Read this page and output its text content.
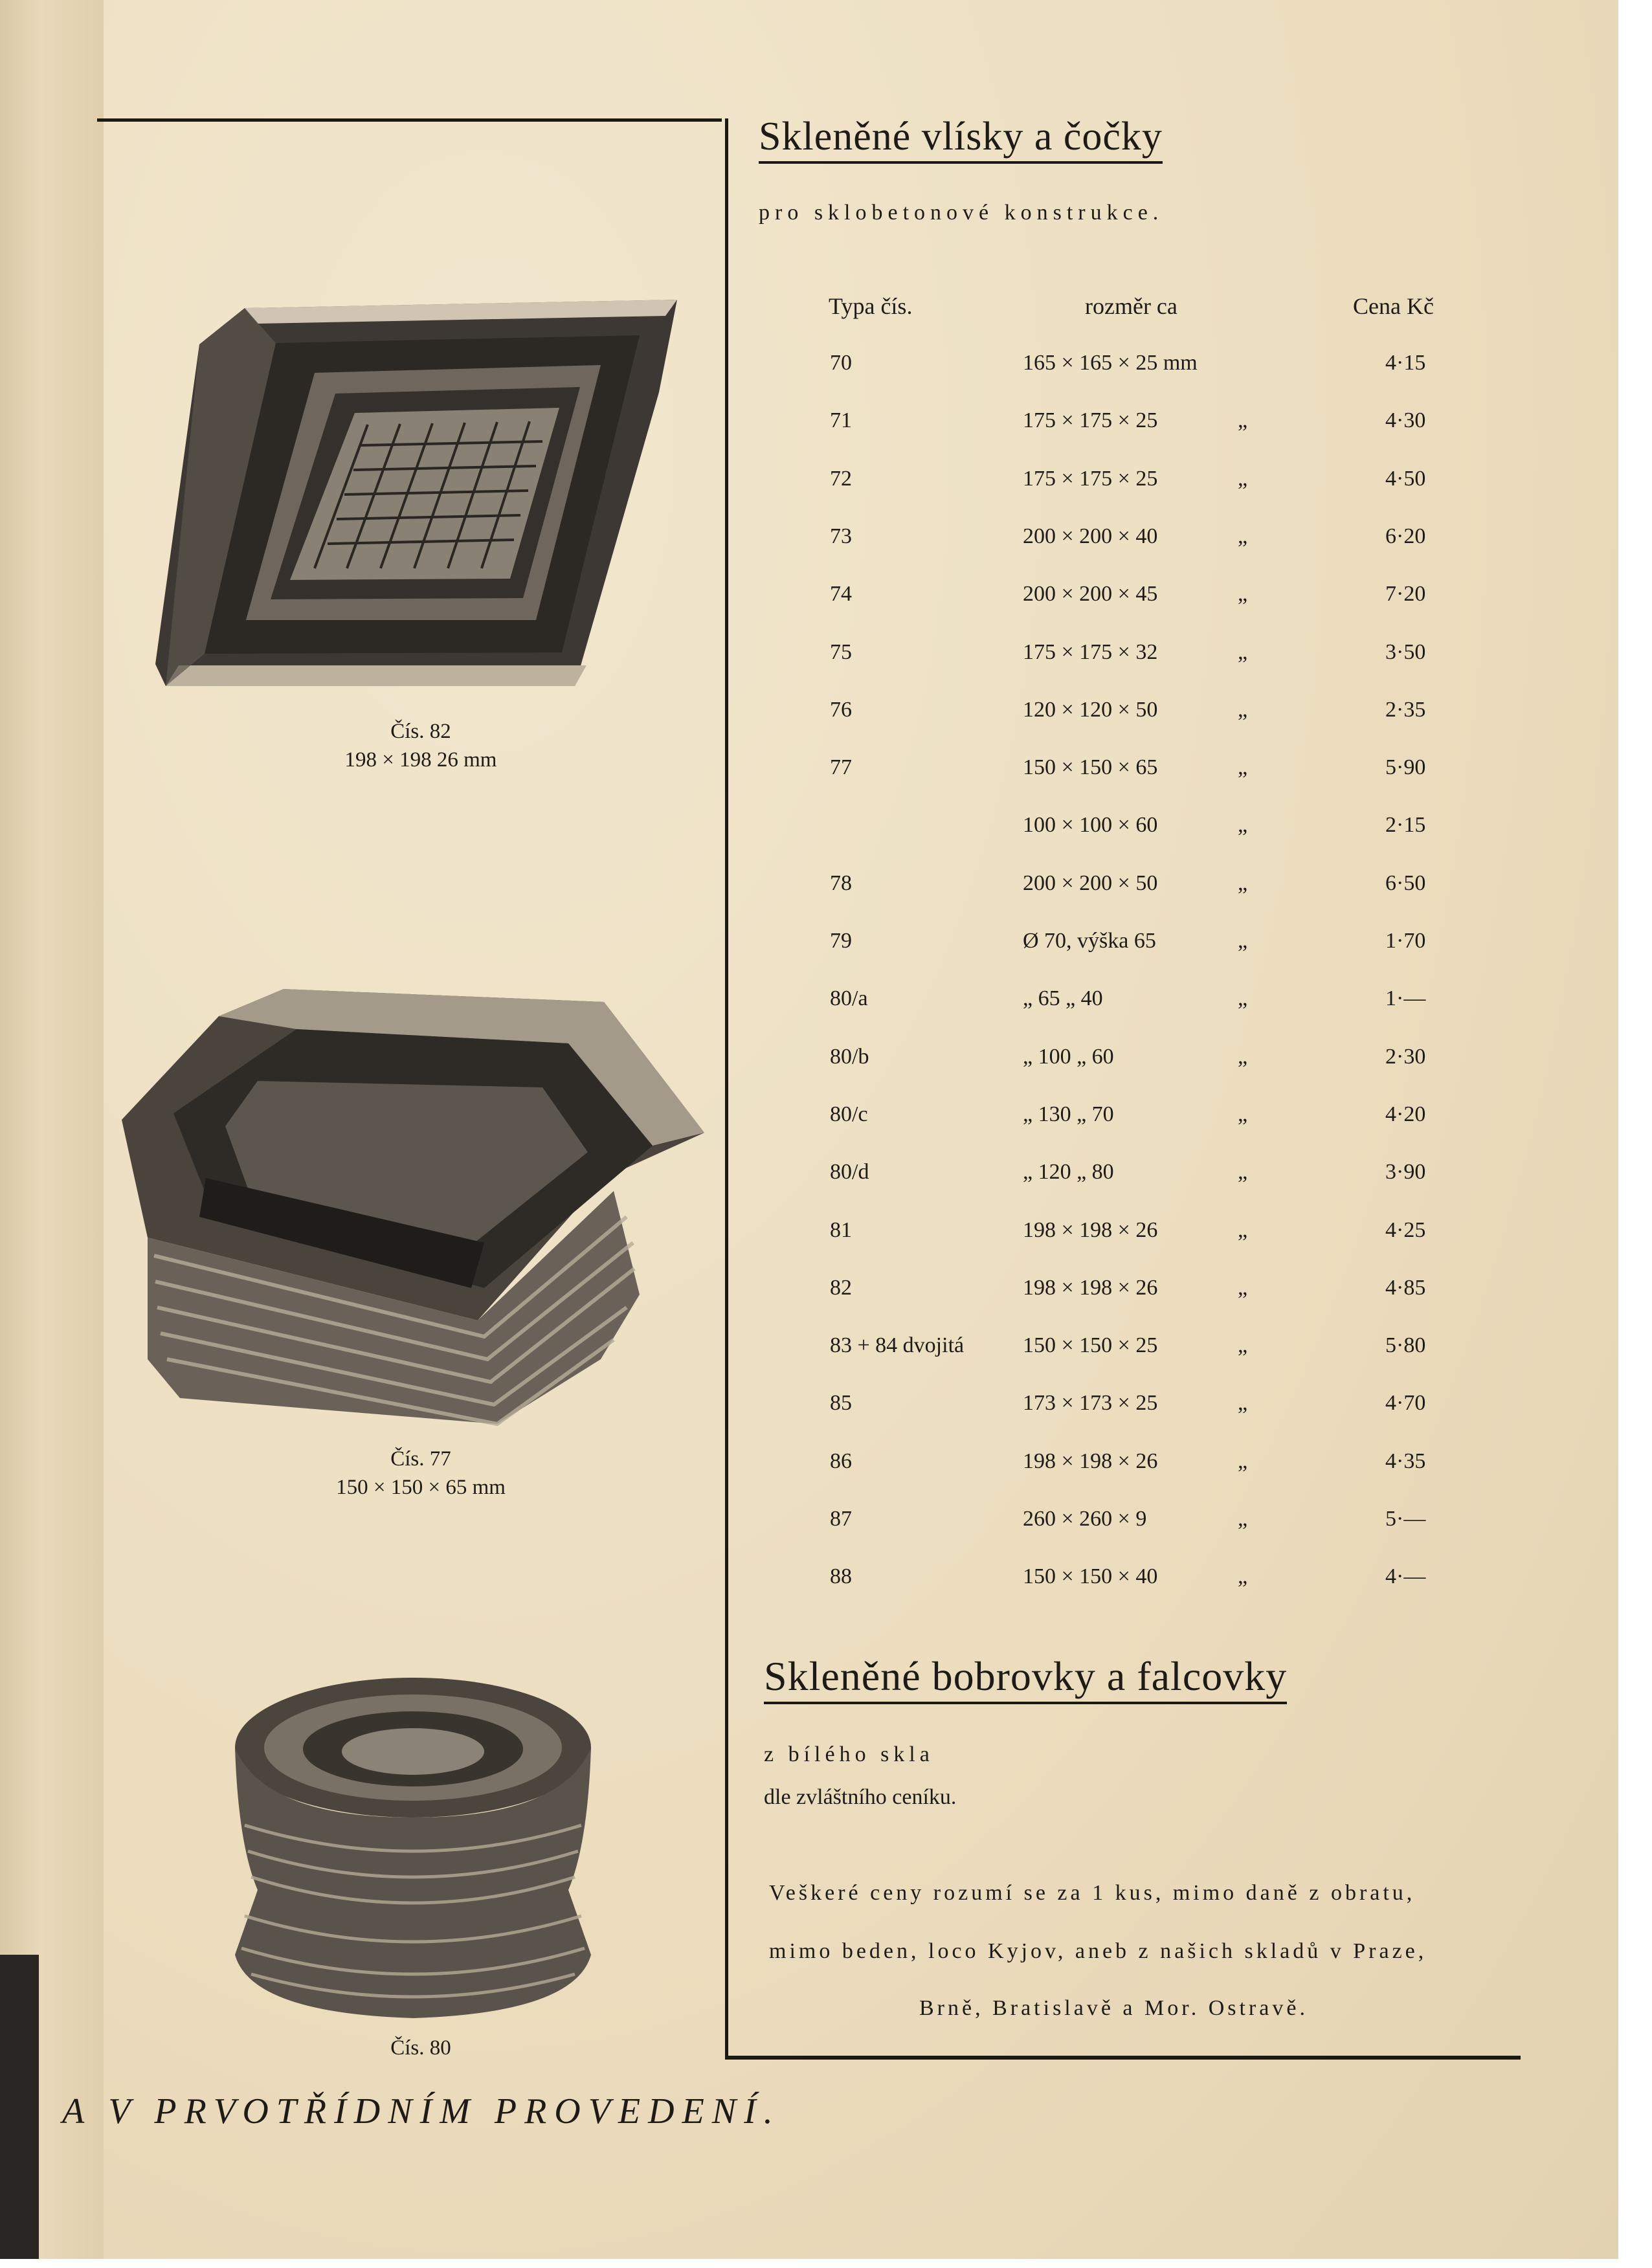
Čís. 82
198 × 198 26 mm
Čís. 77
150 × 150 × 65 mm
Čís. 80
Skleněné vlísky a čočky
pro sklobetonové konstrukce.
Typa čís.	rozměr ca	Cena Kč
70	165 × 165 × 25 mm	4·15
71	175 × 175 × 25	„	4·30
72	175 × 175 × 25	„	4·50
73	200 × 200 × 40	„	6·20
74	200 × 200 × 45	„	7·20
75	175 × 175 × 32	„	3·50
76	120 × 120 × 50	„	2·35
77	150 × 150 × 65	„	5·90
100 × 100 × 60	„	2·15
78	200 × 200 × 50	„	6·50
79	Ø 70, výška 65	„	1·70
80/a	„ 65 „ 40	„	1·—
80/b	„ 100 „ 60	„	2·30
80/c	„ 130 „ 70	„	4·20
80/d	„ 120 „ 80	„	3·90
81	198 × 198 × 26	„	4·25
82	198 × 198 × 26	„	4·85
83 + 84 dvojitá	150 × 150 × 25	„	5·80
85	173 × 173 × 25	„	4·70
86	198 × 198 × 26	„	4·35
87	260 × 260 × 9	„	5·—
88	150 × 150 × 40	„	4·—
Skleněné bobrovky a falcovky
z bílého skla
dle zvláštního ceníku.
Veškeré ceny rozumí se za 1 kus, mimo daně z obratu,
mimo beden, loco Kyjov, aneb z našich skladů v Praze,
Brně, Bratislavě a Mor. Ostravě.
A V PRVOTŘÍDNÍM PROVEDENÍ.
